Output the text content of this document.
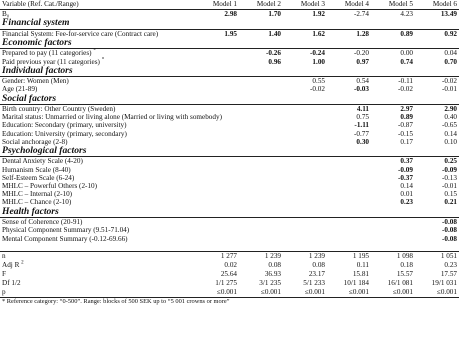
Variable (Ref. Cat./Range)	Model 1	Model 2	Model 3	Model 4	Model 5	Model 6
B₀	2.98	1.70	1.92	-2.74	4.23	13.49
Financial system						
Financial System: Fee-for-service care (Contract care)	1.95	1.40	1.62	1.28	0.89	0.92
Economic factors						
Prepared to pay (11 categories) *		-0.26	-0.24	-0.20	0.00	0.04
Paid previous year (11 categories) *		0.96	1.00	0.97	0.74	0.70
Individual factors						
Gender: Women (Men)			0.55	0.54	-0.11	-0.02
Age (21-89)			-0.02	-0.03	-0.02	-0.01
Social factors						
Birth country: Other Country (Sweden)				4.11	2.97	2.90
Marital status: Unmarried or living alone (Married or living with somebody)				0.75	0.89	0.40
Education: Secondary (primary, university)				-1.11	-0.87	-0.65
Education: University (primary, secondary)				-0.77	-0.15	0.14
Social anchorage (2-8)				0.30	0.17	0.10
Psychological factors						
Dental Anxiety Scale (4-20)					0.37	0.25
Humanism Scale (8-40)					-0.09	-0.09
Self-Esteem Scale (6-24)					-0.37	-0.13
MHLC – Powerful Others (2-10)					0.14	-0.01
MHLC – Internal (2-10)					0.01	0.15
MHLC – Chance (2-10)					0.23	0.21
Health factors						
Sense of Coherence (20-91)						-0.08
Physical Component Summary (9.51-71.04)						-0.08
Mental Component Summary (-0.12-69.66)						-0.08

n	1 277	1 239	1 239	1 195	1 098	1 051
Adj R $^2$	0.02	0.08	0.08	0.11	0.18	0.23
F	25.64	36.93	23.17	15.81	15.57	17.57
Df 1/2	1/1 275	3/1 235	5/1 233	10/1 184	16/1 081	19/1 031
p	≤0.001	≤0.001	≤0.001	≤0.001	≤0.001	≤0.001
* Reference category: “0-500”. Range: blocks of 500 SEK up to “5 001 crowns or more”
